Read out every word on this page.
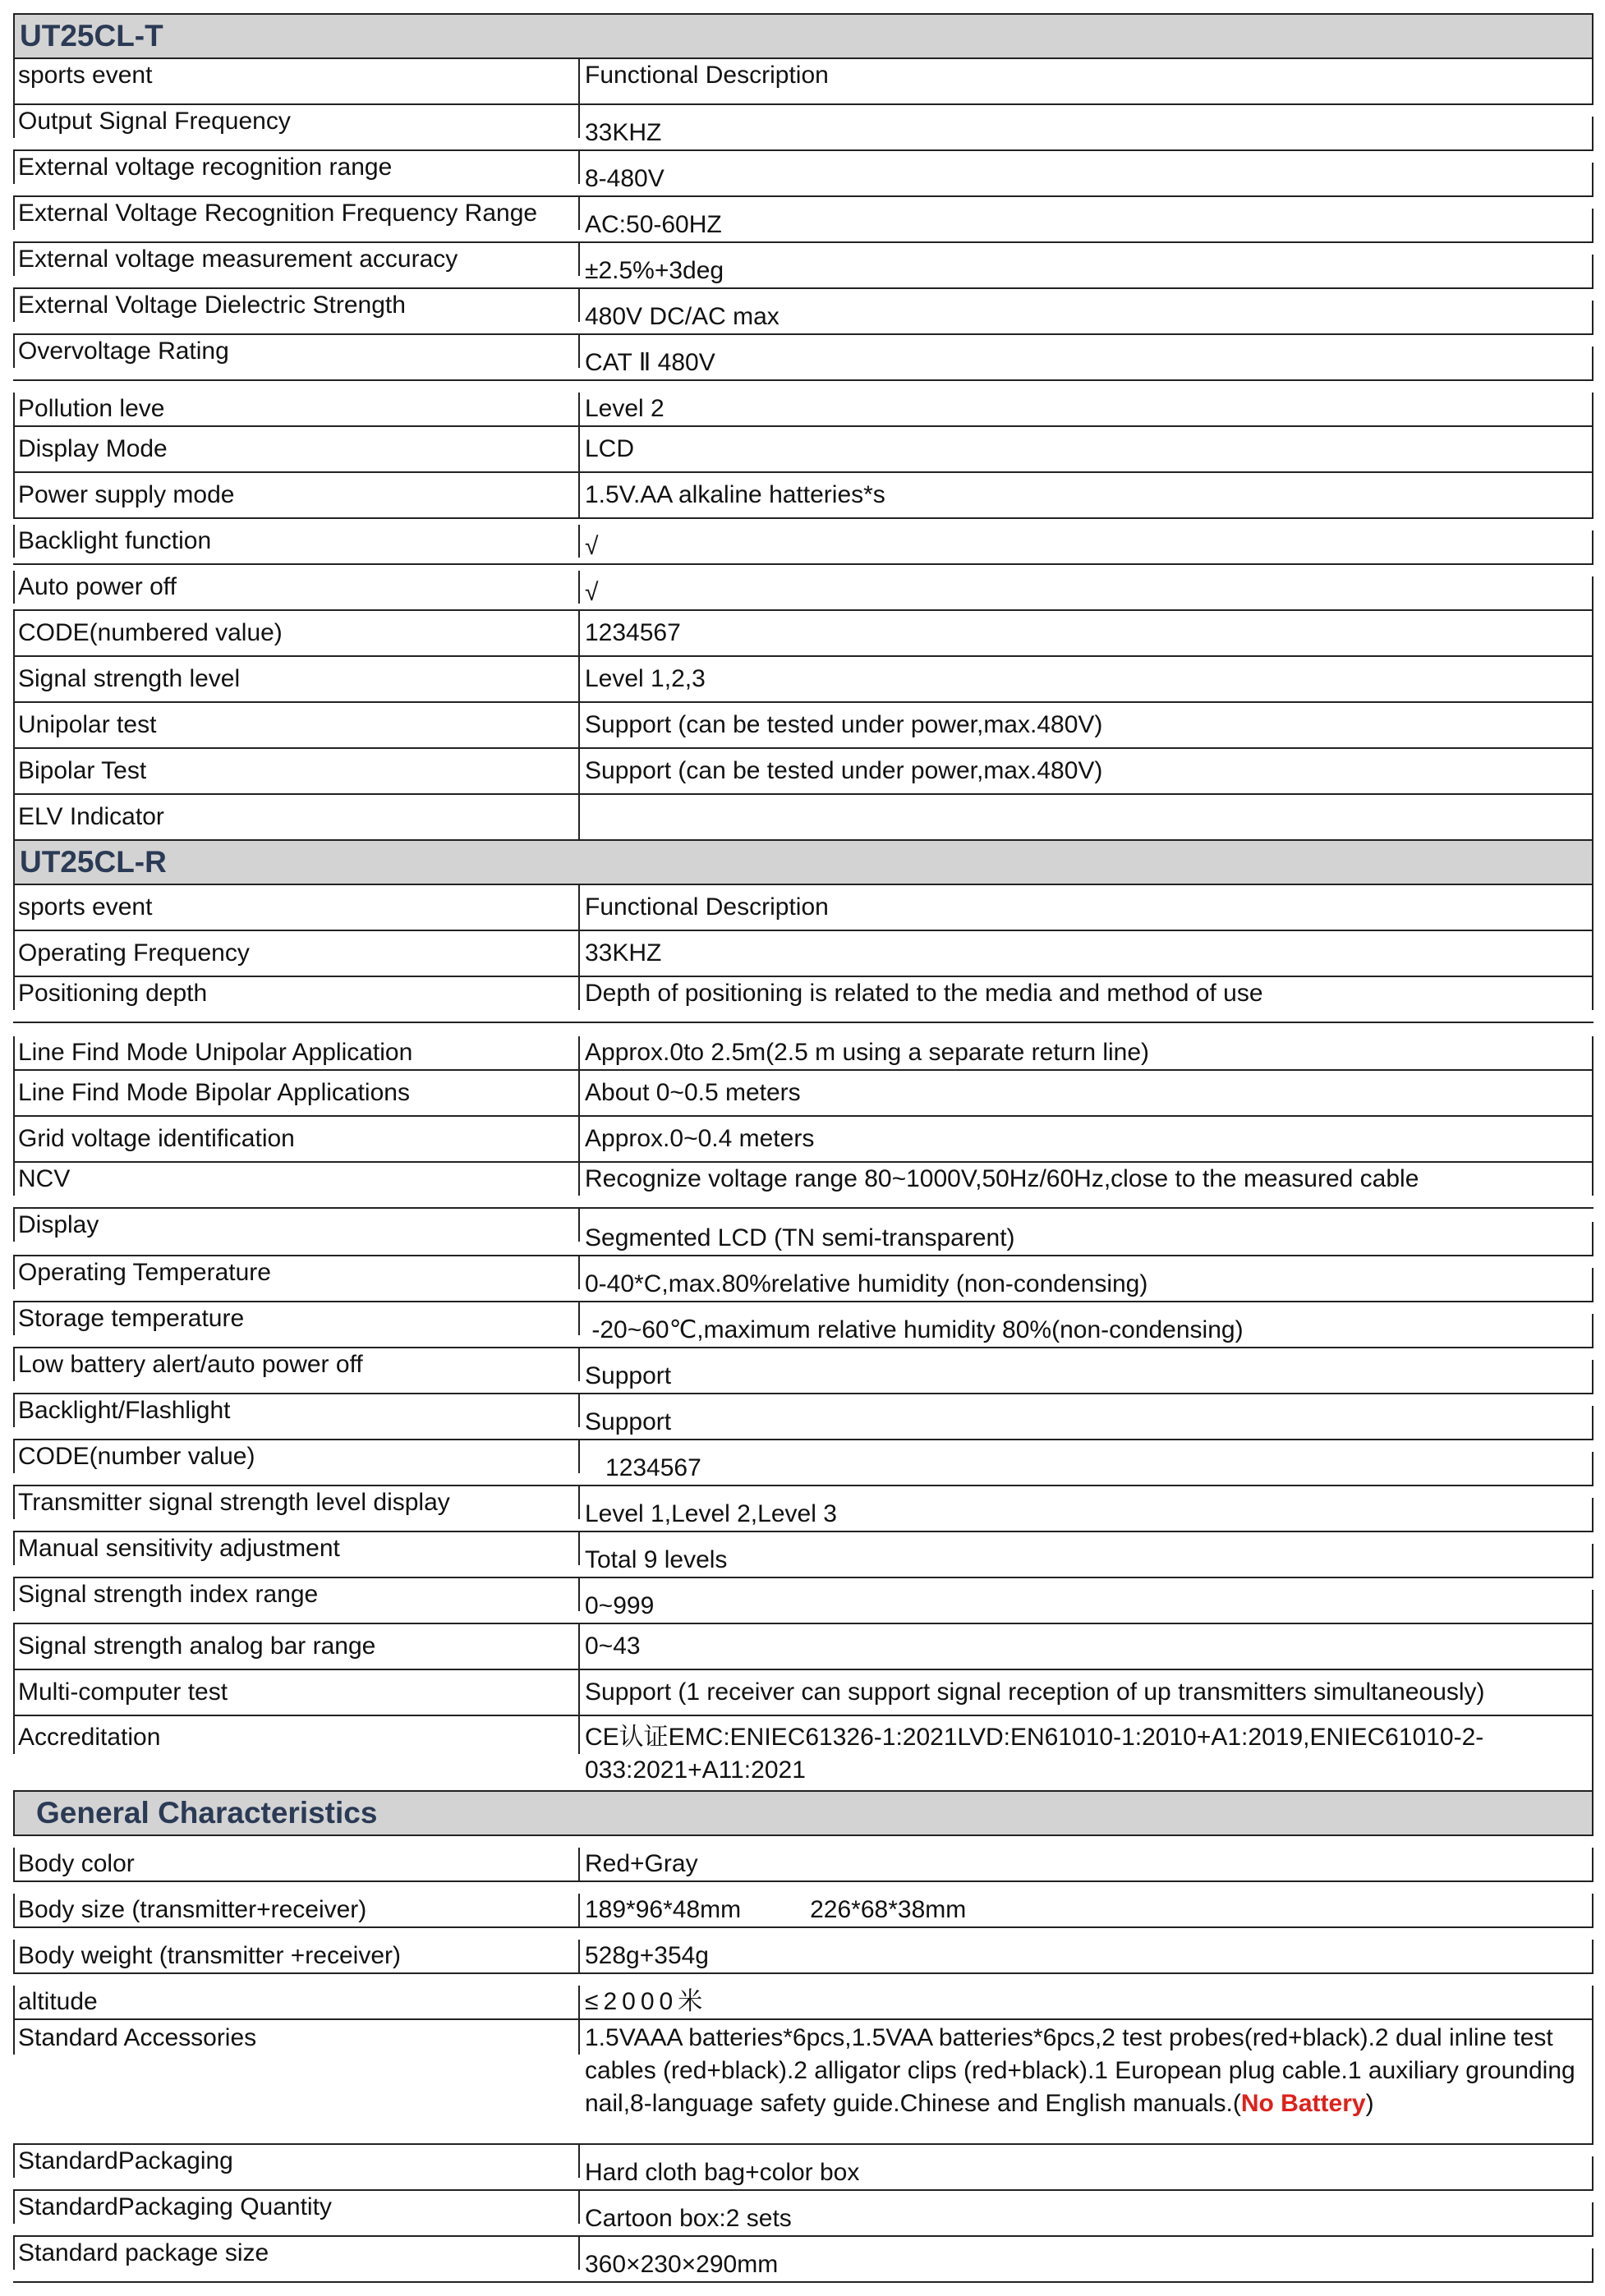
UT25CL-T
sports event	Functional Description
Output Signal Frequency	33KHZ
External voltage recognition range	8-480V
External Voltage Recognition Frequency Range	AC:50-60HZ
External voltage measurement accuracy	±2.5%+3deg
External Voltage Dielectric Strength	480V DC/AC max
Overvoltage Rating	CAT Ⅱ 480V
Pollution leve	Level 2
Display Mode	LCD
Power supply mode	1.5V.AA alkaline hatteries*s
Backlight function	√
Auto power off	√
CODE(numbered value)	1234567
Signal strength level	Level 1,2,3
Unipolar test	Support (can be tested under power,max.480V)
Bipolar Test	Support (can be tested under power,max.480V)
ELV Indicator
UT25CL-R
sports event	Functional Description
Operating Frequency	33KHZ
Positioning depth	Depth of positioning is related to the media and method of use
Line Find Mode Unipolar Application	Approx.0to 2.5m(2.5 m using a separate return line)
Line Find Mode Bipolar Applications	About 0~0.5 meters
Grid voltage identification	Approx.0~0.4 meters
NCV	Recognize voltage range 80~1000V,50Hz/60Hz,close to the measured cable
Display	Segmented LCD (TN semi-transparent)
Operating Temperature	0-40*C,max.80%relative humidity (non-condensing)
Storage temperature	-20~60℃,maximum relative humidity 80%(non-condensing)
Low battery alert/auto power off	Support
Backlight/Flashlight	Support
CODE(number value)	1234567
Transmitter signal strength level display	Level 1,Level 2,Level 3
Manual sensitivity adjustment	Total 9 levels
Signal strength index range	0~999
Signal strength analog bar range	0~43
Multi-computer test	Support (1 receiver can support signal reception of up transmitters simultaneously)
Accreditation	CE认证EMC:ENIEC61326-1:2021LVD:EN61010-1:2010+A1:2019,ENIEC61010-2-033:2021+A11:2021
General Characteristics
Body color	Red+Gray
Body size (transmitter+receiver)	189*96*48mm	226*68*38mm
Body weight (transmitter +receiver)	528g+354g
altitude	≤2000米
Standard Accessories	1.5VAAA batteries*6pcs,1.5VAA batteries*6pcs,2 test probes(red+black).2 dual inline test cables (red+black).2 alligator clips (red+black).1 European plug cable.1 auxiliary grounding nail,8-language safety guide.Chinese and English manuals.(No Battery)
StandardPackaging	Hard cloth bag+color box
StandardPackaging Quantity	Cartoon box:2 sets
Standard package size	360×230×290mm
